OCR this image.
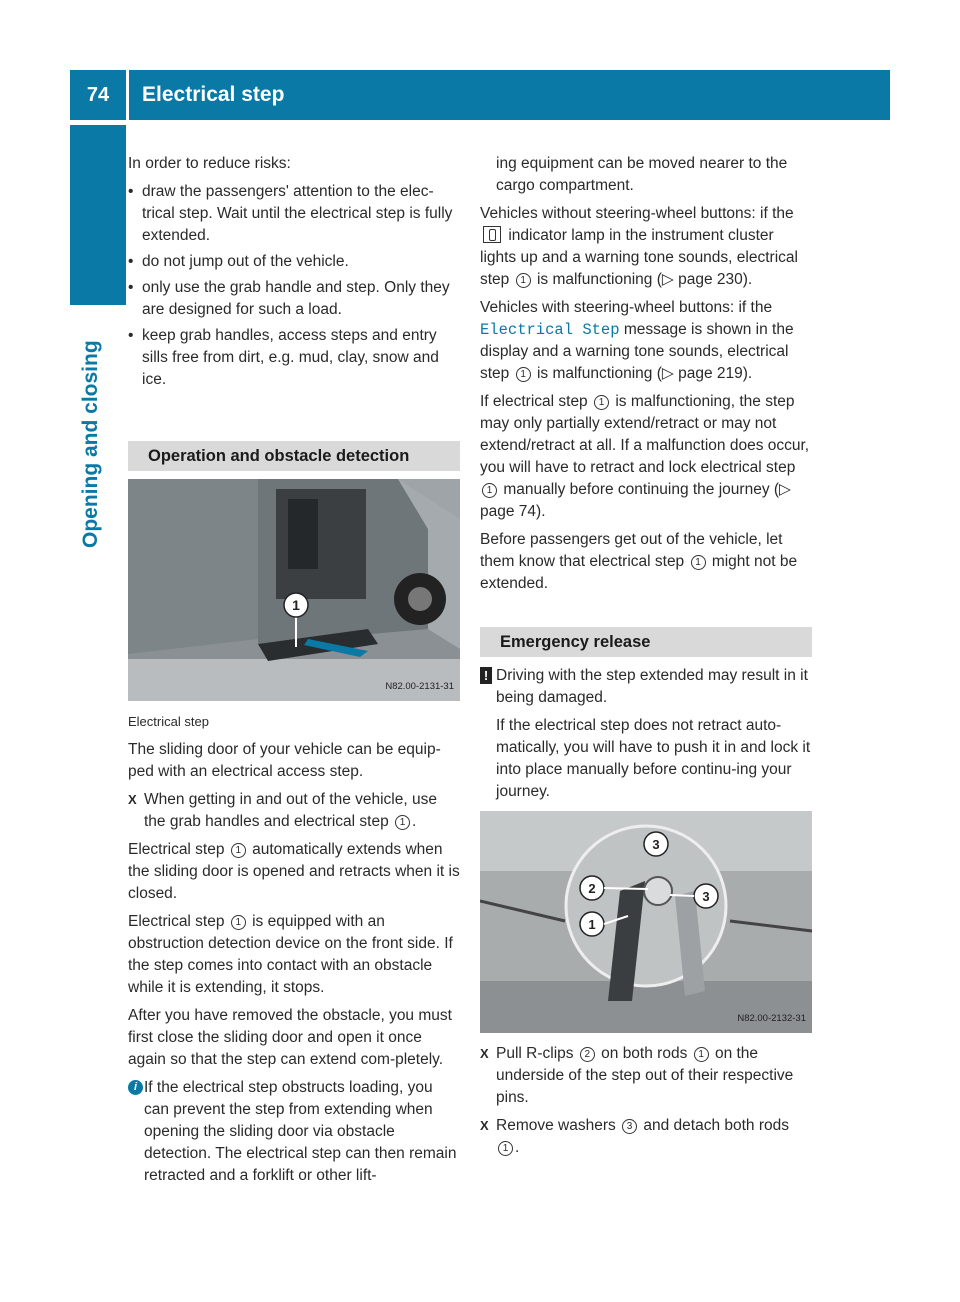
74	Electrical step
Opening and closing

In order to reduce risks:

• draw the passengers' attention to the elec-trical step. Wait until the electrical step is fully extended.
• do not jump out of the vehicle.
• only use the grab handle and step. Only they are designed for such a load.
• keep grab handles, access steps and entry sills free from dirt, e.g. mud, clay, snow and ice.
Operation and obstacle detection
1
N82.00-2131-31
Electrical step

The sliding door of your vehicle can be equip-ped with an electrical access step.

X When getting in and out of the vehicle, use the grab handles and electrical step 1 .

Electrical step 1 automatically extends when the sliding door is opened and retracts when it is closed.

Electrical step 1 is equipped with an obstruction detection device on the front side. If the step comes into contact with an obstacle while it is extending, it stops.

After you have removed the obstacle, you must first close the sliding door and open it once again so that the step can extend com-pletely.

i If the electrical step obstructs loading, you can prevent the step from extending when opening the sliding door via obstacle detection. The electrical step can then remain retracted and a forklift or other lift-

ing equipment can be moved nearer to the cargo compartment.

Vehicles without steering-wheel buttons: if the  indicator lamp in the instrument cluster lights up and a warning tone sounds, electrical step 1 is malfunctioning (▷ page 230).

Vehicles with steering-wheel buttons: if the Electrical Step message is shown in the display and a warning tone sounds, electrical step 1 is malfunctioning (▷ page 219).

If electrical step 1 is malfunctioning, the step may only partially extend/retract or may not extend/retract at all. If a malfunction does occur, you will have to retract and lock electrical step 1 manually before continuing the journey (▷ page 74).

Before passengers get out of the vehicle, let them know that electrical step 1 might not be extended.

Emergency release

! Driving with the step extended may result in it being damaged.

If the electrical step does not retract auto-matically, you will have to push it in and lock it into place manually before continu-ing your journey.

3
2
3
1
N82.00-2132-31

X Pull R-clips 2 on both rods 1 on the underside of the step out of their respective pins.

X Remove washers 3 and detach both rods 1 .
